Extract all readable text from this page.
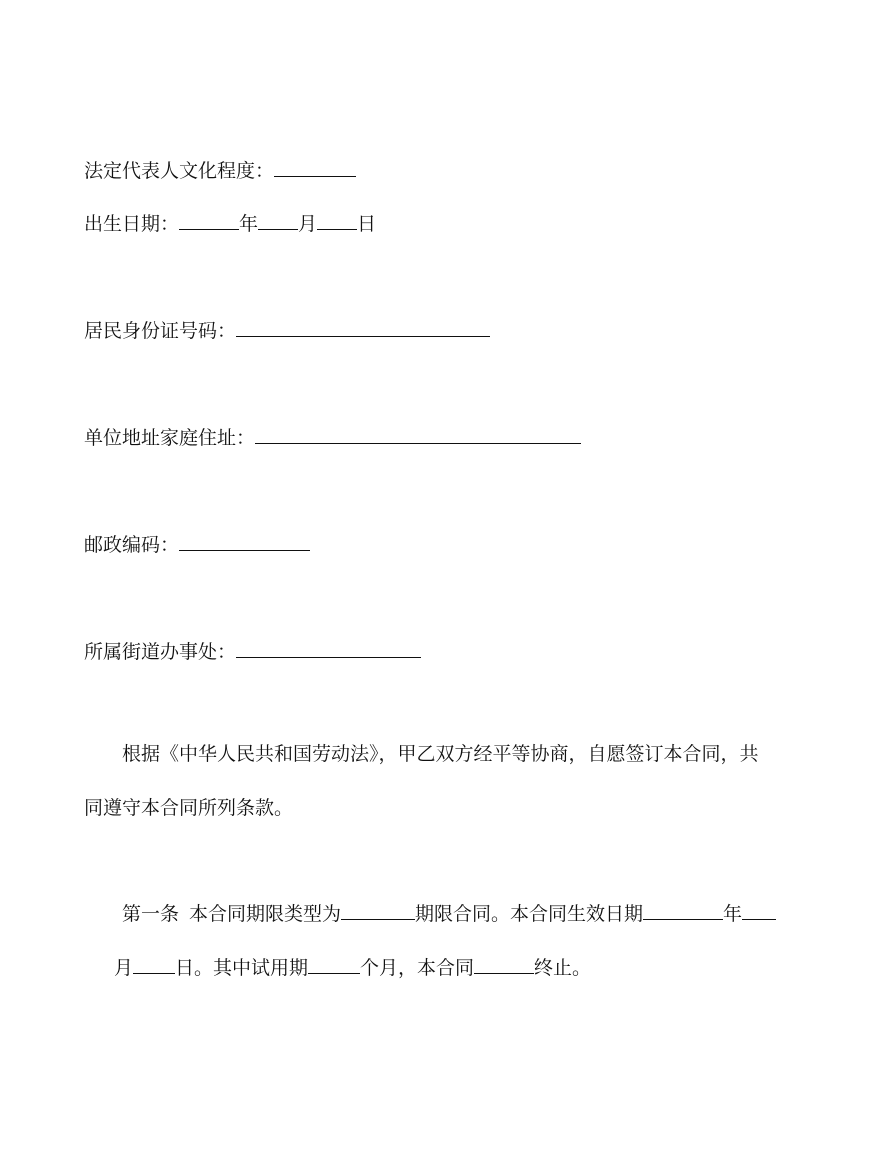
法定代表人文化程度：
出生日期：	年 月 日
居民身份证号码：
单位地址家庭住址：
邮政编码：
所属街道办事处：
根据《中华人民共和国劳动法》，甲乙双方经平等协商，自愿签订本合同，共
同遵守本合同所列条款。
第一条 本合同期限类型为	期限合同。本合同生效日期	年
月 日。其中试用期	个月，本合同	终止。
